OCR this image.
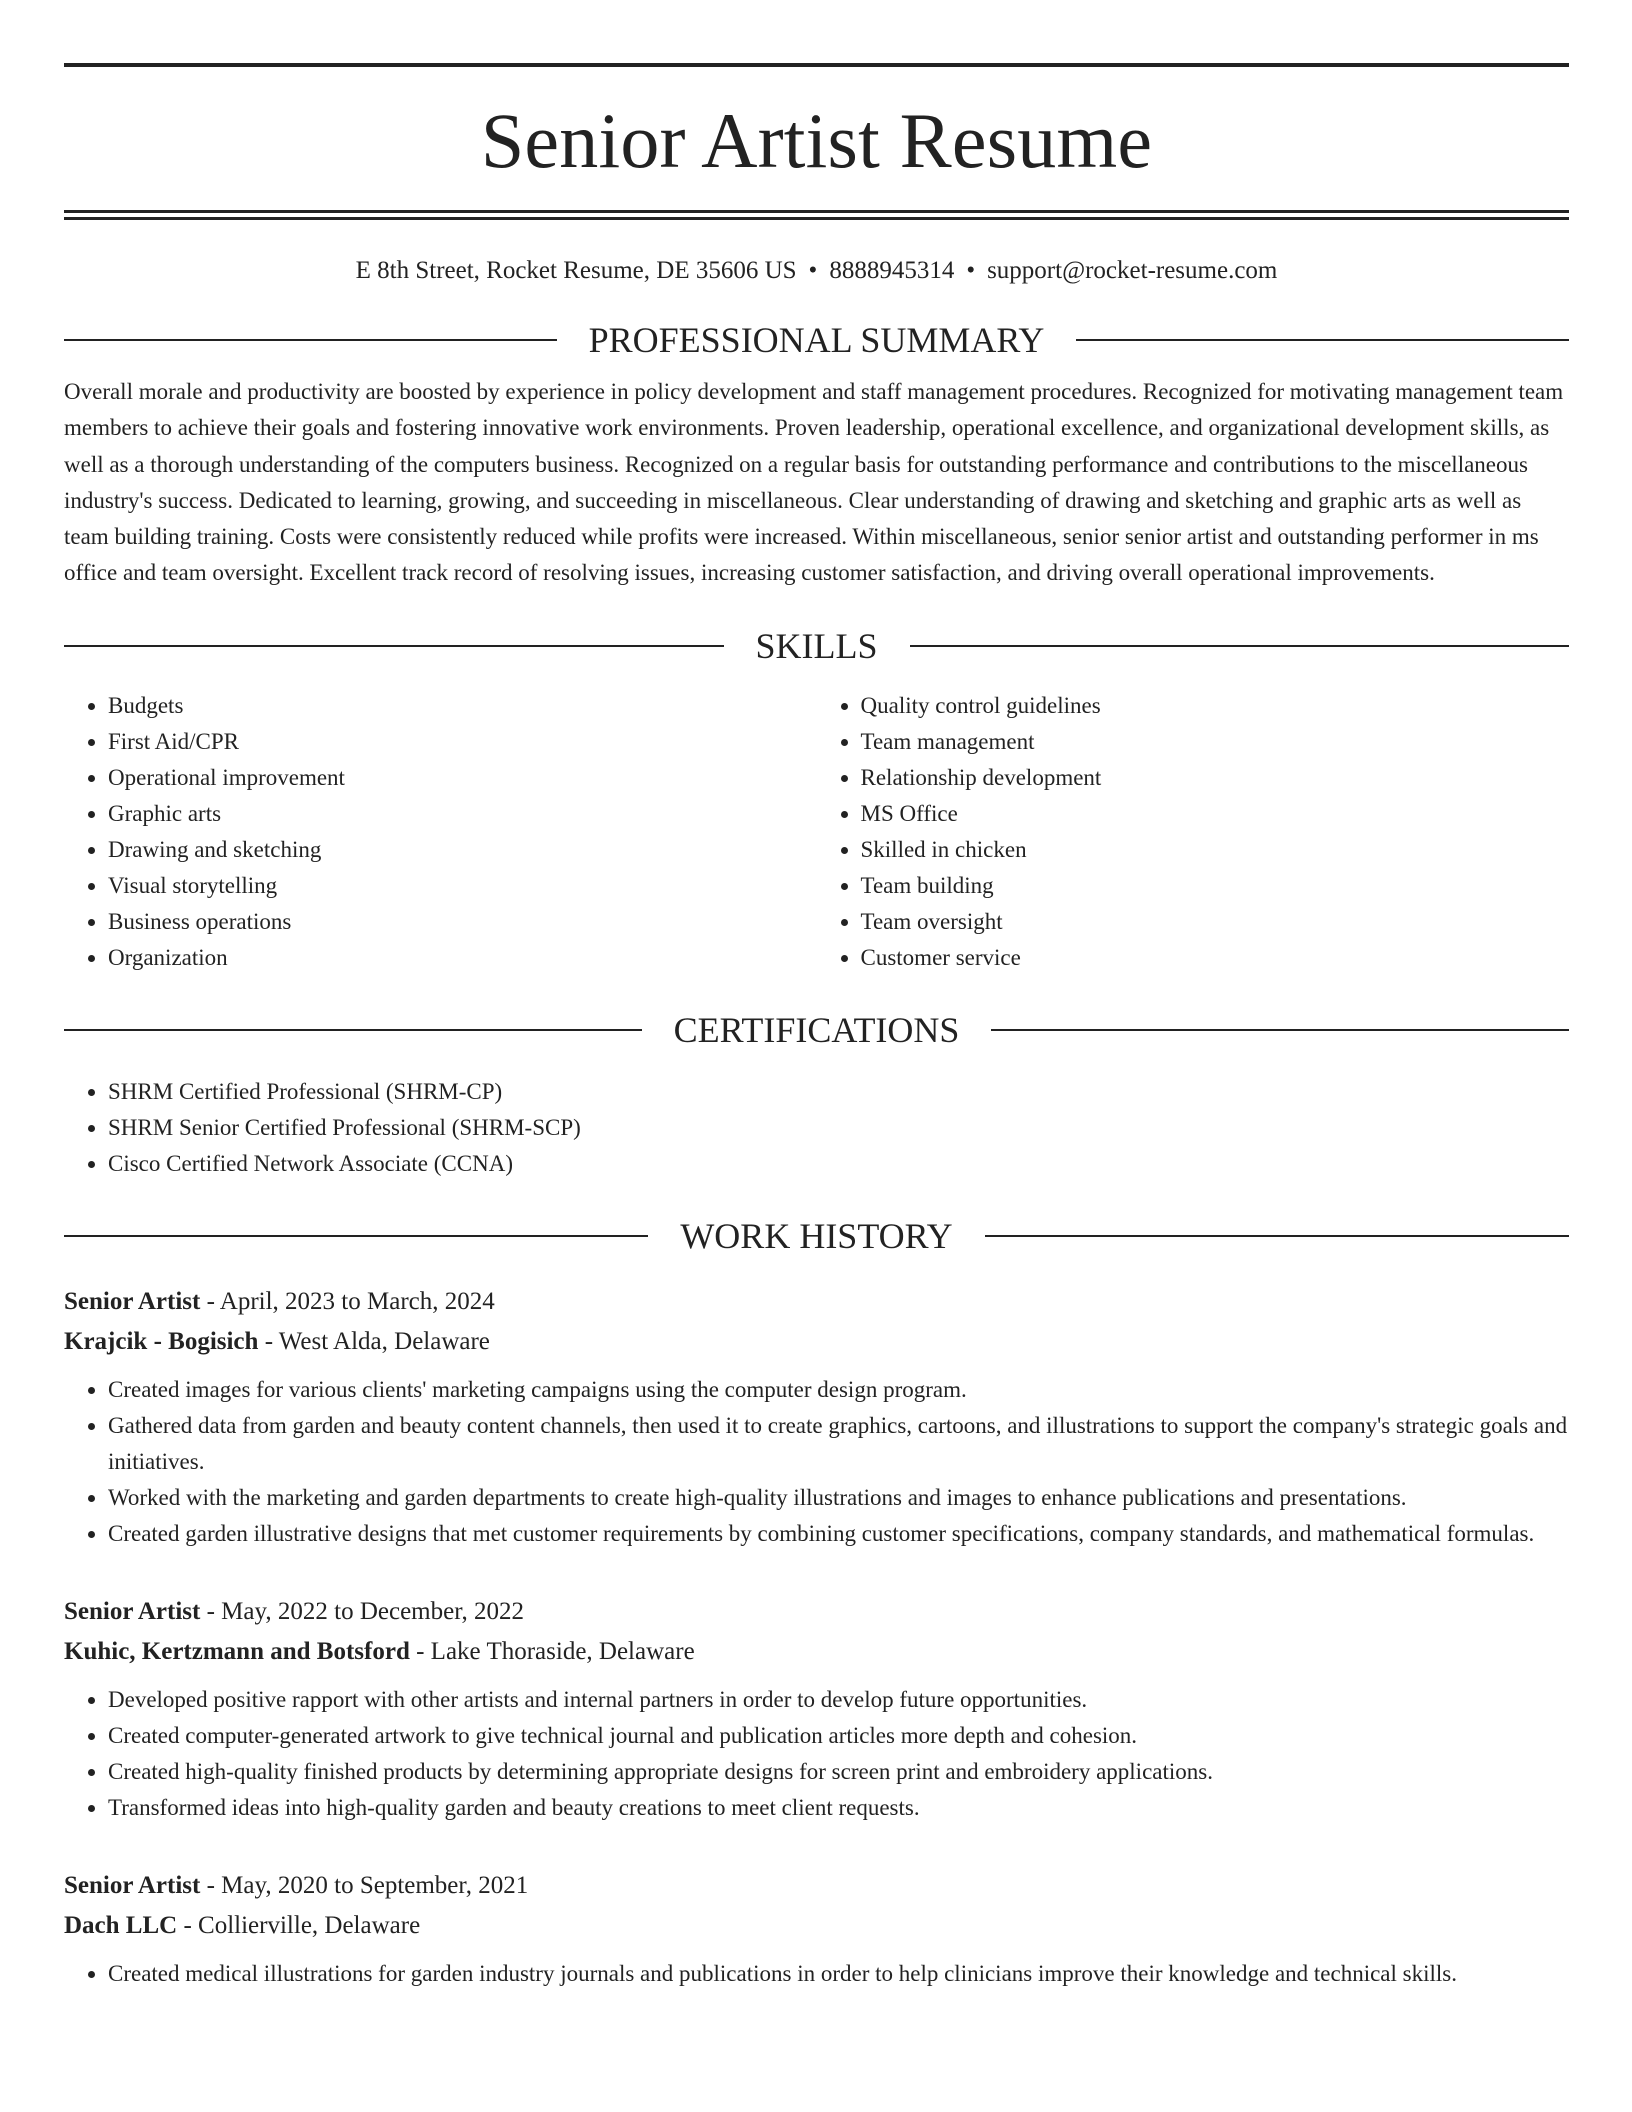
Senior Artist Resume
E 8th Street, Rocket Resume, DE 35606 US • 8888945314 • support@rocket-resume.com
PROFESSIONAL SUMMARY
Overall morale and productivity are boosted by experience in policy development and staff management procedures. Recognized for motivating management team members to achieve their goals and fostering innovative work environments. Proven leadership, operational excellence, and organizational development skills, as well as a thorough understanding of the computers business. Recognized on a regular basis for outstanding performance and contributions to the miscellaneous industry's success. Dedicated to learning, growing, and succeeding in miscellaneous. Clear understanding of drawing and sketching and graphic arts as well as team building training. Costs were consistently reduced while profits were increased. Within miscellaneous, senior senior artist and outstanding performer in ms office and team oversight. Excellent track record of resolving issues, increasing customer satisfaction, and driving overall operational improvements.
SKILLS
• Budgets
• First Aid/CPR
• Operational improvement
• Graphic arts
• Drawing and sketching
• Visual storytelling
• Business operations
• Organization
• Quality control guidelines
• Team management
• Relationship development
• MS Office
• Skilled in chicken
• Team building
• Team oversight
• Customer service
CERTIFICATIONS
• SHRM Certified Professional (SHRM-CP)
• SHRM Senior Certified Professional (SHRM-SCP)
• Cisco Certified Network Associate (CCNA)
WORK HISTORY
Senior Artist - April, 2023 to March, 2024
Krajcik - Bogisich - West Alda, Delaware
• Created images for various clients' marketing campaigns using the computer design program.
• Gathered data from garden and beauty content channels, then used it to create graphics, cartoons, and illustrations to support the company's strategic goals and initiatives.
• Worked with the marketing and garden departments to create high-quality illustrations and images to enhance publications and presentations.
• Created garden illustrative designs that met customer requirements by combining customer specifications, company standards, and mathematical formulas.
Senior Artist - May, 2022 to December, 2022
Kuhic, Kertzmann and Botsford - Lake Thoraside, Delaware
• Developed positive rapport with other artists and internal partners in order to develop future opportunities.
• Created computer-generated artwork to give technical journal and publication articles more depth and cohesion.
• Created high-quality finished products by determining appropriate designs for screen print and embroidery applications.
• Transformed ideas into high-quality garden and beauty creations to meet client requests.
Senior Artist - May, 2020 to September, 2021
Dach LLC - Collierville, Delaware
• Created medical illustrations for garden industry journals and publications in order to help clinicians improve their knowledge and technical skills.
